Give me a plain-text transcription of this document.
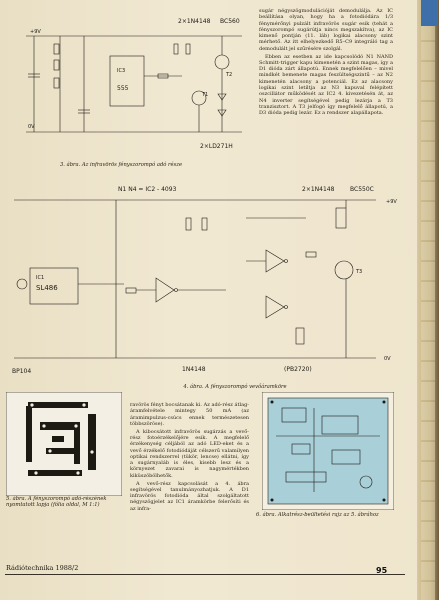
+9V
0V
2×1N4148 BC560
IC3
555
2×LD271H
T2
T1
3. ábra. Az infravörös fényszorompó adó része

sugár négyszögmodulációját demodulálja. Az IC beállítása olyan, hogy ha a fotodiódára 1/3 fénymérőnyi pulzált infravörös sugár esik (tehát a fényszorompó sugárútja nincs megszakítva), az IC kimenő pontján (11. láb) logikai alacsony szint mérhető. Az itt elhelyezkedő R5–C9 integráló tag a demodulált jel szűrésére szolgál.

Ebben az esetben az ide kapcsolódó N1 NAND Schmitt-trigger kapu kimenetén a szint magas, így a D1 dióda zárt állapotú. Ennek megfelelően – mivel mindkét bemenete magas feszültségszintű – az N2 kimenetén alacsony a potenciál. Ez az alacsony logikai szint letiltja az N3 kapuval felépített oszcillátor működését az IC2 4. kivezetésén át, az N4 inverter segítségével pedig lezárja a T3 tranzisztort. A T3 jelfogó így megfelelő állapotú, a D3 dióda pedig lezár. Ez a rendszer alapállapota.

+9V
0V
N1 N4 = IC2 - 4093	2×1N4148	BC550C
SL486
IC1
BP104	1N4148	(PB2720)
T3
4. ábra. A fényszorompó vevőáramköre
5. ábra. A fényszorompó adó-részének nyomtatott lapja (fólia oldal, M 1:1)

ravörös fényt bocsátanak ki. Az adó-rész átlag-áramfelvétele mintegy 50 mA (az áramimpulzus-csúcs ennek természetesen többszöröse).

A kibocsátott infravörös sugárzás a vevő-rész fotoérzékelőjére esik. A megfelelő érzékenység céljából az adó LED-eket és a vevő érzékelő fotodiódáját célszerű valamilyen optikai rendszerrel (tükör, lencse) ellátni, így a sugárnyaláb is éles, kisebb lesz és a környezet zavarai is nagymértékben kiküszöbölhetők.

A vevő-rész kapcsolását a 4. ábra segítségével tanulmányozhatjuk. A D1 infravörös fotodióda által szolgáltatott négyszögjelet az IC1 áramkörbe felerősíti és az infra-

6. ábra. Alkatrész-beültetési rajz az 5. ábrához

Rádiótechnika 1988/2	95
